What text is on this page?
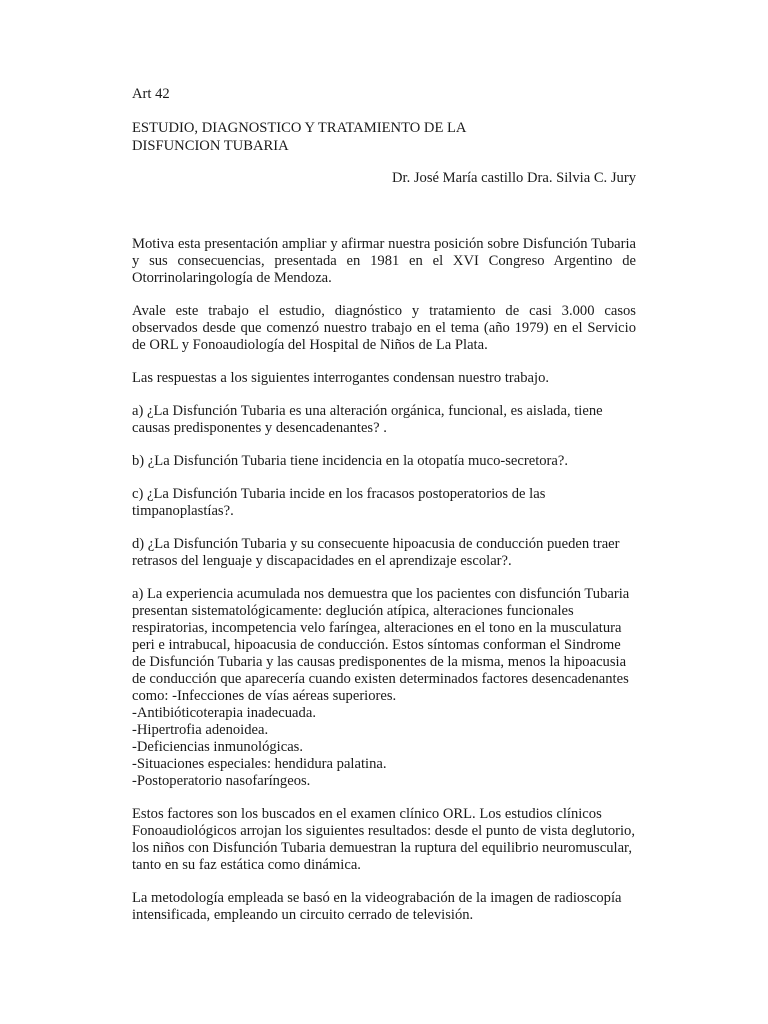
Art 42
ESTUDIO, DIAGNOSTICO Y TRATAMIENTO DE LA DISFUNCION TUBARIA
Dr. José María castillo Dra. Silvia C. Jury

Motiva esta presentación ampliar y afirmar nuestra posición sobre Disfunción Tubaria y sus consecuencias, presentada en 1981 en el XVI Congreso Argentino de Otorrinolaringología de Mendoza.

Avale este trabajo el estudio, diagnóstico y tratamiento de casi 3.000 casos observados desde que comenzó nuestro trabajo en el tema (año 1979) en el Servicio de ORL y Fonoaudiología del Hospital de Niños de La Plata.

Las respuestas a los siguientes interrogantes condensan nuestro trabajo.

a) ¿La Disfunción Tubaria es una alteración orgánica, funcional, es aislada, tiene causas predisponentes y desencadenantes? .

b) ¿La Disfunción Tubaria tiene incidencia en la otopatía muco-secretora?.

c) ¿La Disfunción Tubaria incide en los fracasos postoperatorios de las timpanoplastías?.

d) ¿La Disfunción Tubaria y su consecuente hipoacusia de conducción pueden traer retrasos del lenguaje y discapacidades en el aprendizaje escolar?.

a) La experiencia acumulada nos demuestra que los pacientes con disfunción Tubaria presentan sistematológicamente: deglución atípica, alteraciones funcionales respiratorias, incompetencia velo faríngea, alteraciones en el tono en la musculatura peri e intrabucal, hipoacusia de conducción. Estos síntomas conforman el Sindrome de Disfunción Tubaria y las causas predisponentes de la misma, menos la hipoacusia de conducción que aparecería cuando existen determinados factores desencadenantes como: -Infecciones de vías aéreas superiores.
-Antibióticoterapia inadecuada.
-Hipertrofia adenoidea.
-Deficiencias inmunológicas.
-Situaciones especiales: hendidura palatina.
-Postoperatorio nasofaríngeos.

Estos factores son los buscados en el examen clínico ORL. Los estudios clínicos Fonoaudiológicos arrojan los siguientes resultados: desde el punto de vista deglutorio, los niños con Disfunción Tubaria demuestran la ruptura del equilibrio neuromuscular, tanto en su faz estática como dinámica.

La metodología empleada se basó en la videograbación de la imagen de radioscopía intensificada, empleando un circuito cerrado de televisión.
